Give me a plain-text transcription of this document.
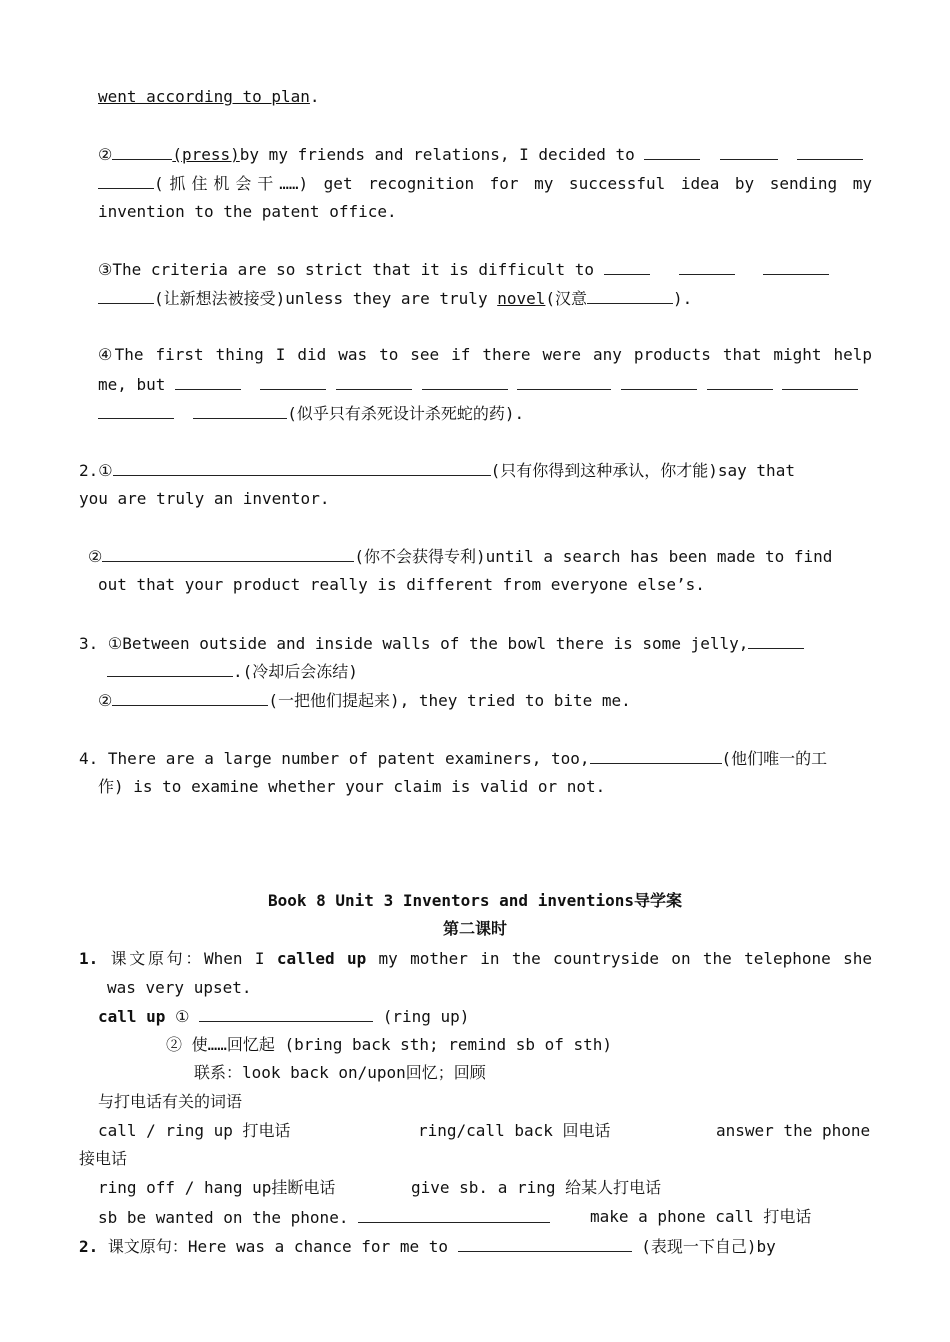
went according to plan.
②	(press)by my friends and relations, I decided to
(抓住机会干……) get recognition for my successful idea by sending my
invention to the patent office.
③The criteria are so strict that it is difficult to
(让新想法被接受)unless they are truly novel(汉意	).
④The first thing I did was to see if there were any products that might help
me, but
(似乎只有杀死设计杀死蛇的药).
2.①	(只有你得到这种承认，你才能)say that
you are truly an inventor.
②	(你不会获得专利)until a search has been made to find
out that your product really is different from everyone else’s.
3. ①Between outside and inside walls of the bowl there is some jelly,
.(冷却后会冻结)
②	(一把他们提起来), they tried to bite me.
4. There are a large number of patent examiners, too,	(他们唯一的工
作) is to examine whether your claim is valid or not.
Book 8 Unit 3 Inventors and inventions导学案
第二课时
1. 课文原句：When I called up my mother in the countryside on the telephone she
was very upset.
call up ①	(ring up)
② 使……回忆起 (bring back sth; remind sb of sth)
联系：look back on/upon回忆；回顾
与打电话有关的词语
call / ring up 打电话	ring/call back 回电话	answer the phone
接电话
ring off / hang up挂断电话	give sb. a ring 给某人打电话
sb be wanted on the phone.	make a phone call 打电话
2. 课文原句：Here was a chance for me to	(表现一下自己)by
